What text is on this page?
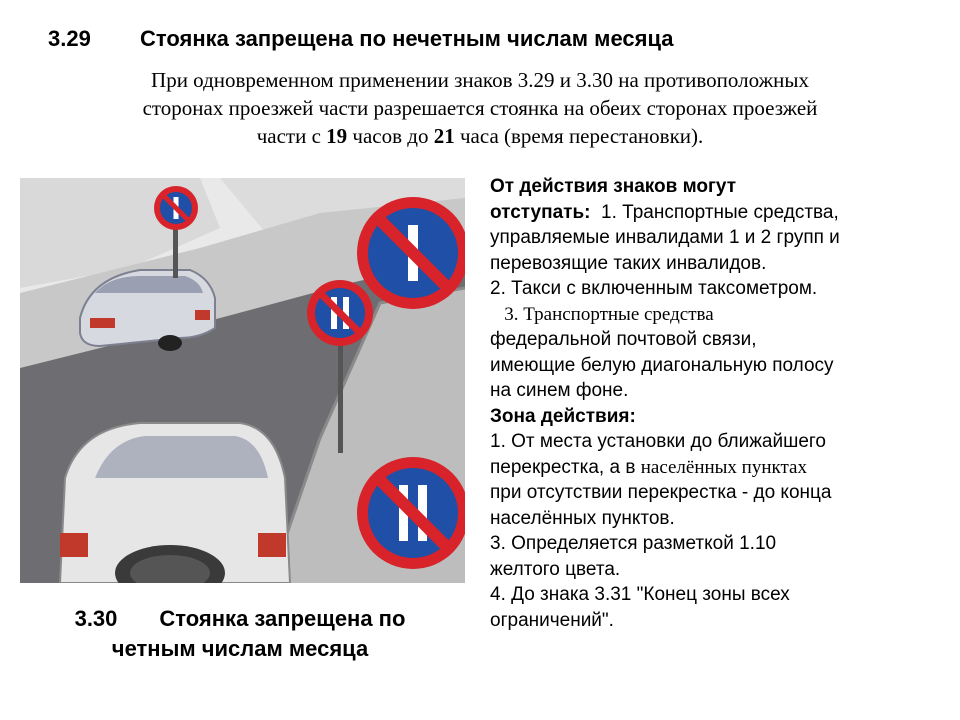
3.29 Стоянка запрещена по нечетным числам месяца
При одновременном применении знаков 3.29 и 3.30 на противоположных
сторонах проезжей части разрешается стоянка на обеих сторонах проезжей
части с 19 часов до 21 часа (время перестановки).
От действия знаков могут
отступать:  1. Транспортные средства,
управляемые инвалидами 1 и 2 групп и
перевозящие таких инвалидов.
2. Такси с включенным таксометром.
3. Транспортные средства
федеральной почтовой связи,
имеющие белую диагональную полосу
на синем фоне.
Зона действия:
1. От места установки до ближайшего
перекрестка, а в населённых пунктах
при отсутствии перекрестка - до конца
населённых пунктов.
3. Определяется разметкой 1.10
желтого цвета.
4. До знака 3.31 "Конец зоны всех
ограничений".
3.30 Стоянка запрещена по
четным числам месяца
